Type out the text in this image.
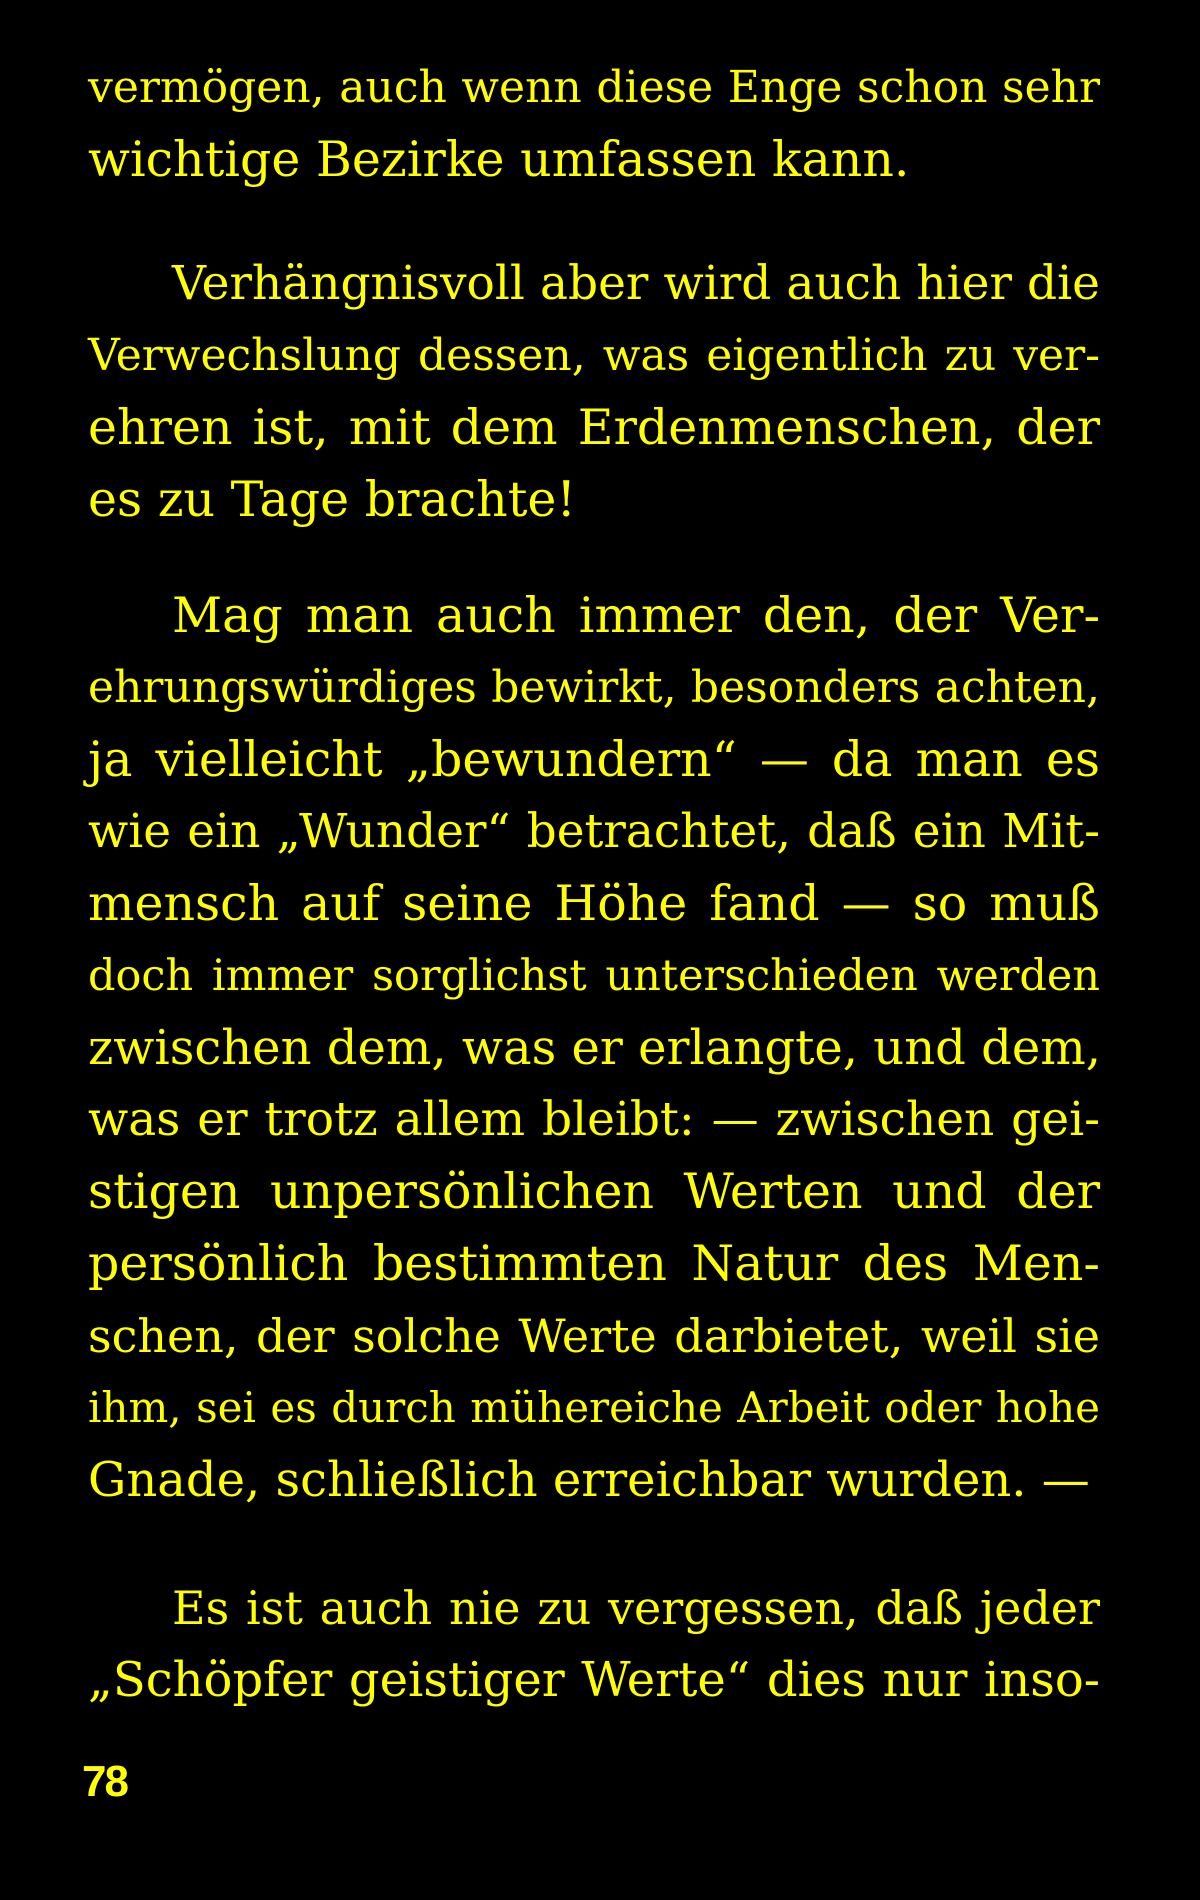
vermögen, auch wenn diese Enge schon sehr
wichtige Bezirke umfassen kann.
Verhängnisvoll aber wird auch hier die
Verwechslung dessen, was eigentlich zu ver-
ehren ist, mit dem Erdenmenschen, der
es zu Tage brachte!
Mag man auch immer den, der Ver-
ehrungswürdiges bewirkt, besonders achten,
ja vielleicht „bewundern“ — da man es
wie ein „Wunder“ betrachtet, daß ein Mit-
mensch auf seine Höhe fand — so muß
doch immer sorglichst unterschieden werden
zwischen dem, was er erlangte, und dem,
was er trotz allem bleibt: — zwischen gei-
stigen unpersönlichen Werten und der
persönlich bestimmten Natur des Men-
schen, der solche Werte darbietet, weil sie
ihm, sei es durch mühereiche Arbeit oder hohe
Gnade, schließlich erreichbar wurden. —
Es ist auch nie zu vergessen, daß jeder
„Schöpfer geistiger Werte“ dies nur inso-
78
